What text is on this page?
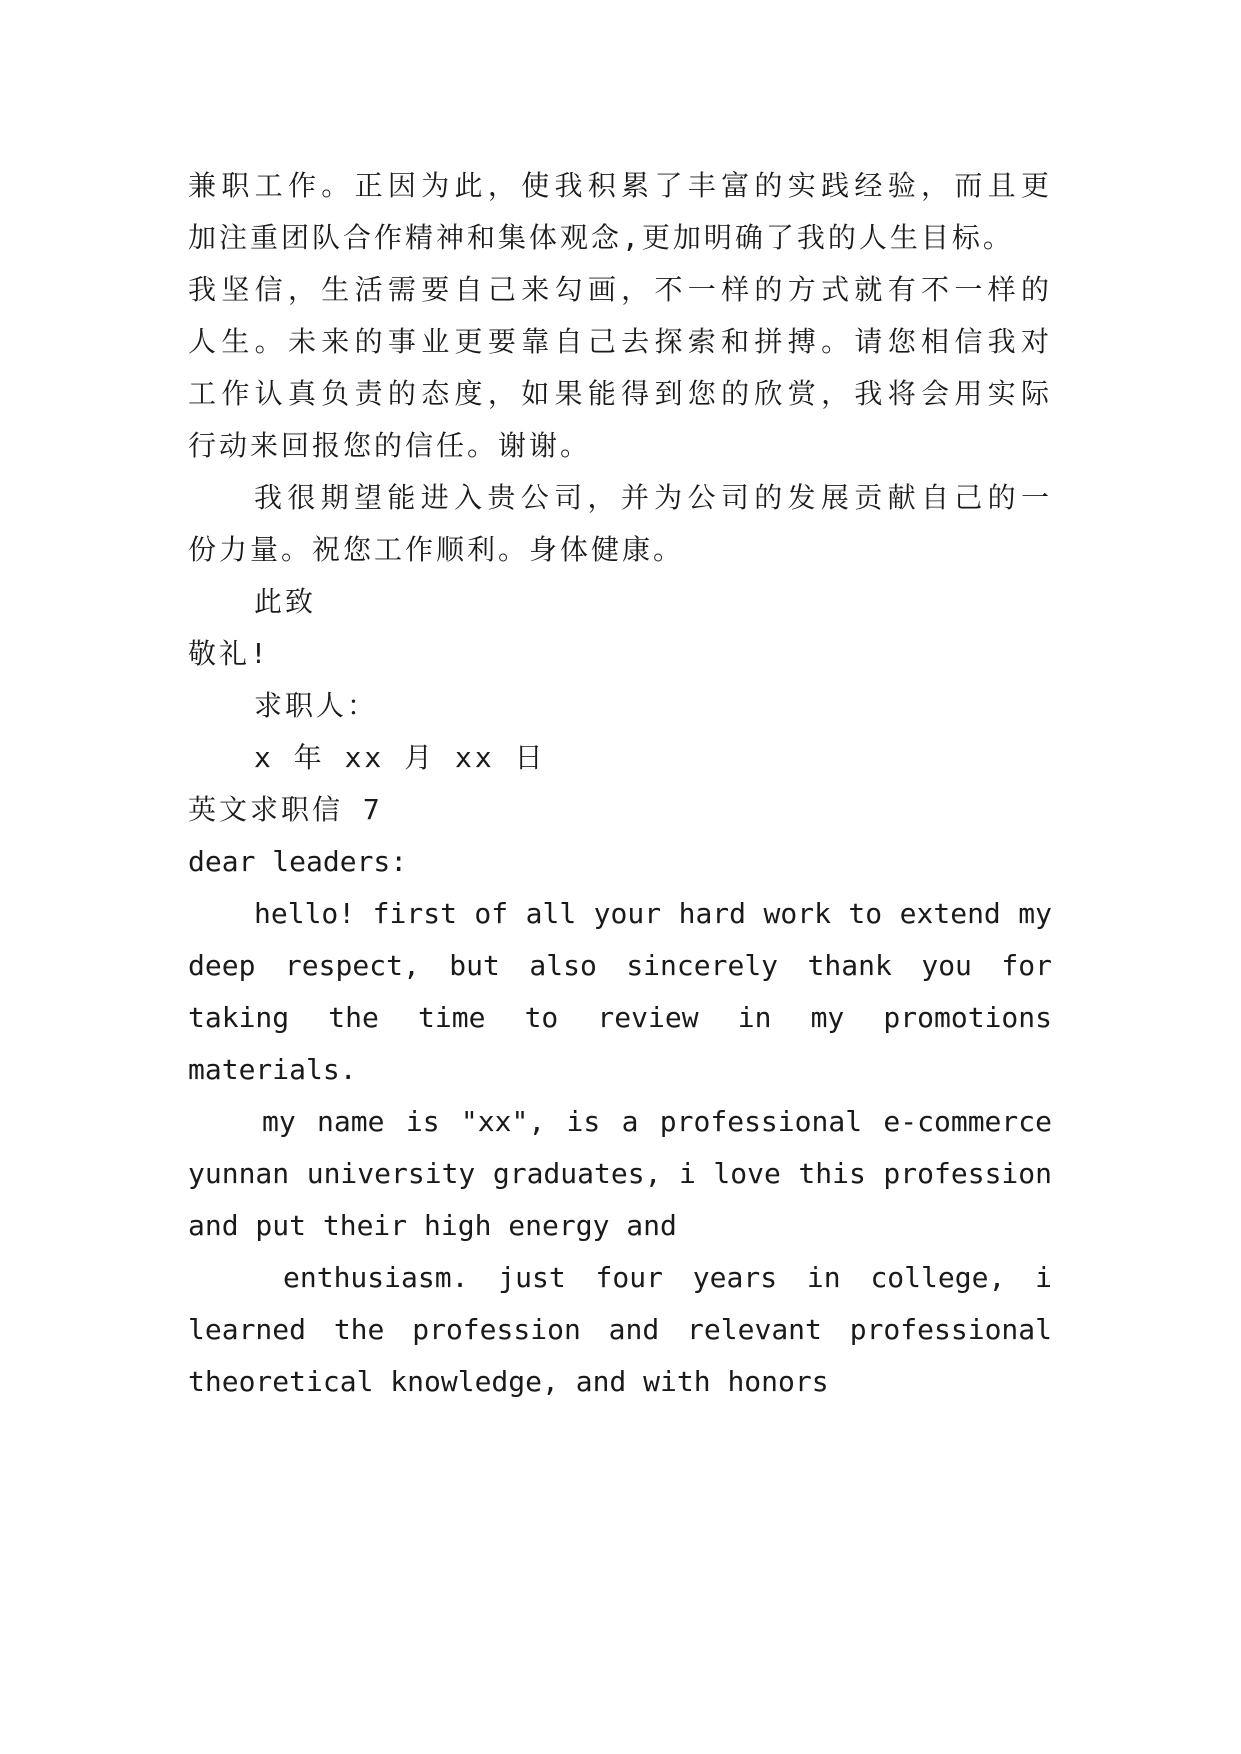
兼职工作。正因为此，使我积累了丰富的实践经验，而且更
加注重团队合作精神和集体观念,更加明确了我的人生目标。
我坚信，生活需要自己来勾画，不一样的方式就有不一样的
人生。未来的事业更要靠自己去探索和拼搏。请您相信我对
工作认真负责的态度，如果能得到您的欣赏，我将会用实际
行动来回报您的信任。谢谢。
我很期望能进入贵公司，并为公司的发展贡献自己的一
份力量。祝您工作顺利。身体健康。
此致
敬礼!
求职人：
x 年 xx 月 xx 日
英文求职信 7
dear leaders:
hello! first of all your hard work to extend my
deep respect, but also sincerely thank you for
taking the time to review in my promotions
materials.
my name is "xx", is a professional e-commerce
yunnan university graduates, i love this profession
and put their high energy and
enthusiasm. just four years in college, i
learned the profession and relevant professional
theoretical knowledge, and with honors
